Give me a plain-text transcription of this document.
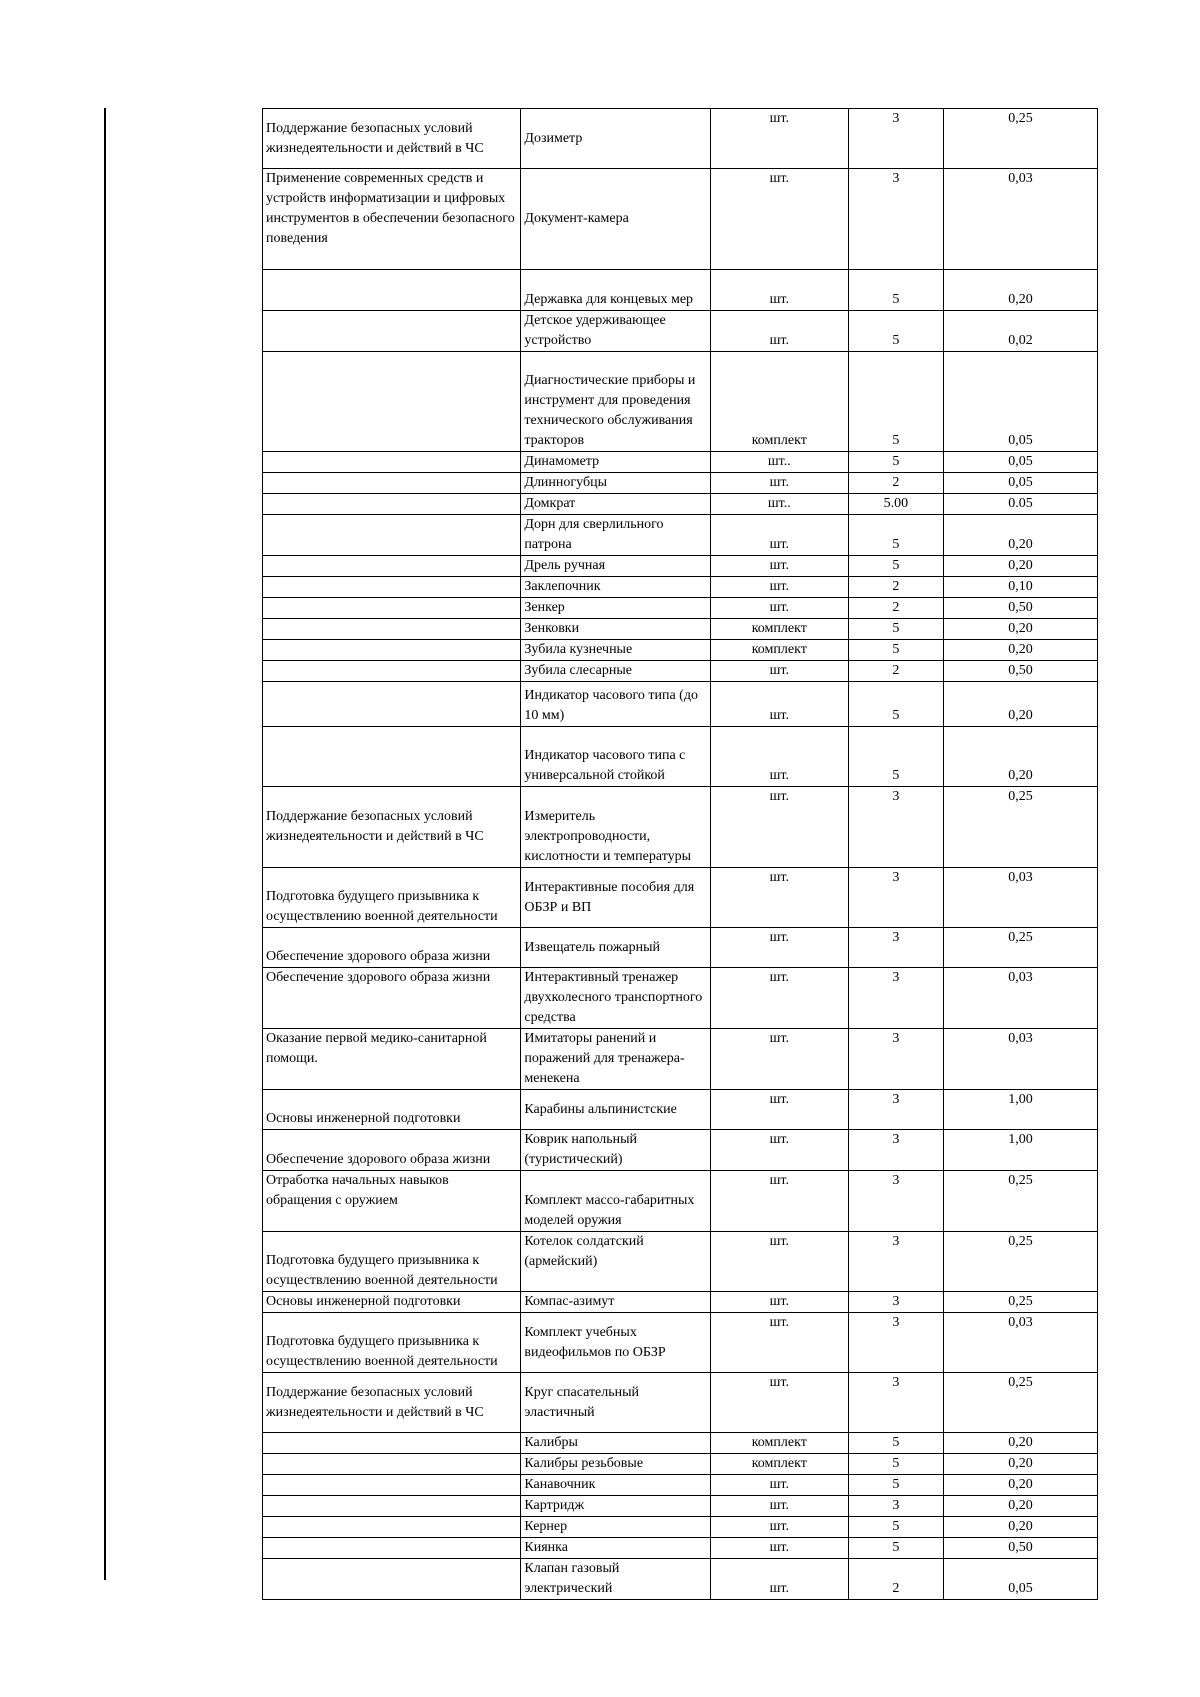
Поддержание безопасных условий жизнедеятельности и действий в ЧС	Дозиметр	шт.	3	0,25

Применение современных средств и устройств информатизации и цифровых инструментов в обеспечении безопасного поведения	Документ-камера	шт.	3	0,03

	Державка для концевых мер	шт.	5	0,20

	Детское удерживающее устройство	шт.	5	0,02

	Диагностические приборы и инструмент для проведения технического обслуживания тракторов	комплект	5	0,05

	Динамометр	шт..	5	0,05

	Длинногубцы	шт.	2	0,05

	Домкрат	шт..	5.00	0.05

	Дорн для сверлильного патрона	шт.	5	0,20

	Дрель ручная	шт.	5	0,20

	Заклепочник	шт.	2	0,10

	Зенкер	шт.	2	0,50

	Зенковки	комплект	5	0,20

	Зубила кузнечные	комплект	5	0,20

	Зубила слесарные	шт.	2	0,50

	Индикатор часового типа (до 10 мм)	шт.	5	0,20

	Индикатор часового типа с универсальной стойкой	шт.	5	0,20

Поддержание безопасных условий жизнедеятельности и действий в ЧС	Измеритель электропроводности, кислотности и температуры	шт.	3	0,25

Подготовка будущего призывника к осуществлению военной деятельности	Интерактивные пособия для ОБЗР и ВП	шт.	3	0,03

Обеспечение здорового образа жизни	Извещатель пожарный	шт.	3	0,25

Обеспечение здорового образа жизни	Интерактивный тренажер двухколесного транспортного средства	шт.	3	0,03

Оказание первой медико-санитарной помощи.	Имитаторы ранений и поражений для тренажера-менекена	шт.	3	0,03

Основы инженерной подготовки	Карабины альпинистские	шт.	3	1,00

Обеспечение здорового образа жизни	Коврик напольный (туристический)	шт.	3	1,00

Отработка начальных навыков обращения с оружием	Комплект массо-габаритных моделей оружия	шт.	3	0,25

Подготовка будущего призывника к осуществлению военной деятельности	Котелок солдатский (армейский)	шт.	3	0,25

Основы инженерной подготовки	Компас-азимут	шт.	3	0,25

Подготовка будущего призывника к осуществлению военной деятельности	Комплект учебных видеофильмов по ОБЗР	шт.	3	0,03

Поддержание безопасных условий жизнедеятельности и действий в ЧС	Круг спасательный эластичный	шт.	3	0,25

	Калибры	комплект	5	0,20

	Калибры резьбовые	комплект	5	0,20

	Канавочник	шт.	5	0,20

	Картридж	шт.	3	0,20

	Кернер	шт.	5	0,20

	Киянка	шт.	5	0,50

	Клапан газовый электрический	шт.	2	0,05
